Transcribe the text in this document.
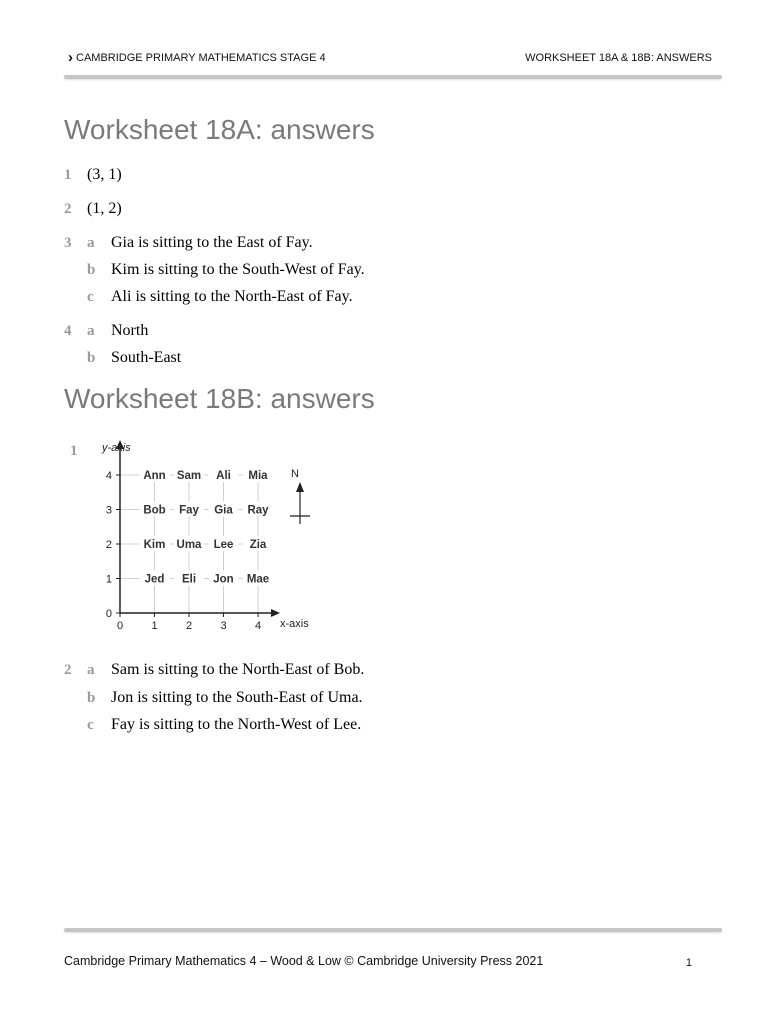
› CAMBRIDGE PRIMARY MATHEMATICS STAGE 4	WORKSHEET 18A & 18B: ANSWERS
Worksheet 18A: answers
1 (3, 1)
2 (1, 2)
3 a Gia is sitting to the East of Fay.
b Kim is sitting to the South-West of Fay.
c Ali is sitting to the North-East of Fay.
4 a North
b South-East
Worksheet 18B: answers
1 y-axis
x-axis
0	1	2	3	4
0
1
2
3
4	Ann Sam Ali Mia
Bob Fay Gia Ray
Kim Uma Lee Zia
Jed Eli Jon Mae
N
2 a Sam is sitting to the North-East of Bob.
b Jon is sitting to the South-East of Uma.
c Fay is sitting to the North-West of Lee.
Cambridge Primary Mathematics 4 – Wood & Low © Cambridge University Press 2021	1
